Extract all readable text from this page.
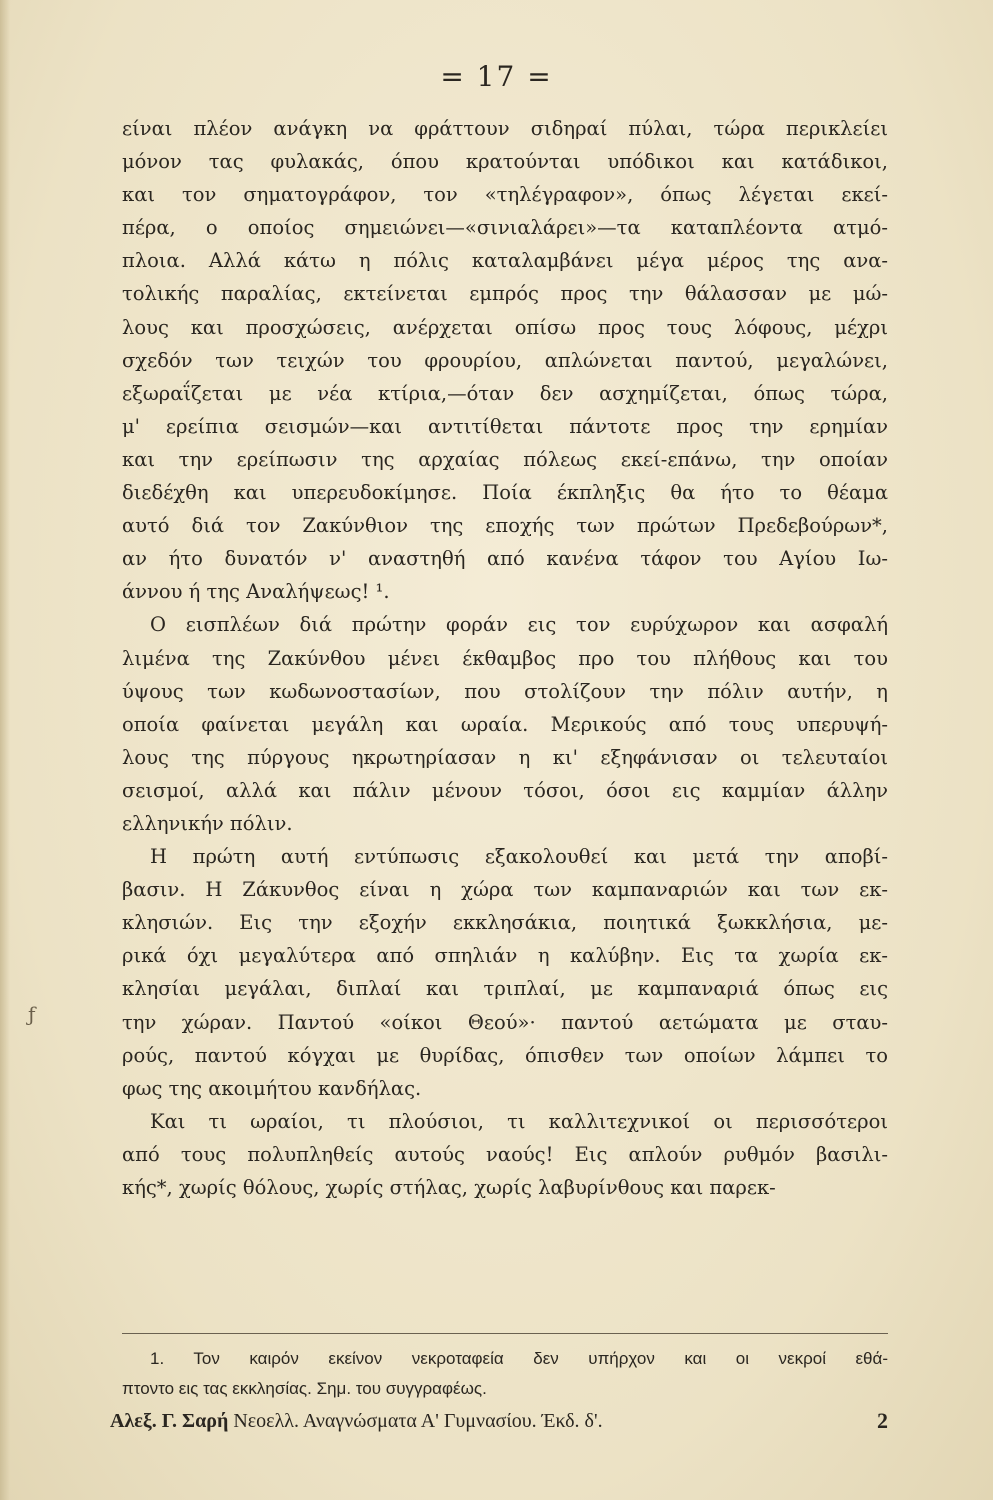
ƒ
= 17 =
είναι πλέον ανάγκη να φράττουν σιδηραί πύλαι, τώρα περικλείει
μόνον τας φυλακάς, όπου κρατούνται υπόδικοι και κατάδικοι,
και τον σηματογράφον, τον «τηλέγραφον», όπως λέγεται εκεί-
πέρα, ο οποίος σημειώνει—«σινιαλάρει»—τα καταπλέοντα ατμό-
πλοια. Αλλά κάτω η πόλις καταλαμβάνει μέγα μέρος της ανα-
τολικής παραλίας, εκτείνεται εμπρός προς την θάλασσαν με μώ-
λους και προσχώσεις, ανέρχεται οπίσω προς τους λόφους, μέχρι
σχεδόν των τειχών του φρουρίου, απλώνεται παντού, μεγαλώνει,
εξωραΐζεται με νέα κτίρια,—όταν δεν ασχημίζεται, όπως τώρα,
μ' ερείπια σεισμών—και αντιτίθεται πάντοτε προς την ερημίαν
και την ερείπωσιν της αρχαίας πόλεως εκεί-επάνω, την οποίαν
διεδέχθη και υπερευδοκίμησε. Ποία έκπληξις θα ήτο το θέαμα
αυτό διά τον Ζακύνθιον της εποχής των πρώτων Πρεδεβούρων*,
αν ήτο δυνατόν ν' αναστηθή από κανένα τάφον του Αγίου Ιω-
άννου ή της Αναλήψεως! ¹.
Ο εισπλέων διά πρώτην φοράν εις τον ευρύχωρον και ασφαλή
λιμένα της Ζακύνθου μένει έκθαμβος προ του πλήθους και του
ύψους των κωδωνοστασίων, που στολίζουν την πόλιν αυτήν, η
οποία φαίνεται μεγάλη και ωραία. Μερικούς από τους υπερυψή-
λους της πύργους ηκρωτηρίασαν η κι' εξηφάνισαν οι τελευταίοι
σεισμοί, αλλά και πάλιν μένουν τόσοι, όσοι εις καμμίαν άλλην
ελληνικήν πόλιν.
Η πρώτη αυτή εντύπωσις εξακολουθεί και μετά την αποβί-
βασιν. Η Ζάκυνθος είναι η χώρα των καμπαναριών και των εκ-
κλησιών. Εις την εξοχήν εκκλησάκια, ποιητικά ξωκκλήσια, με-
ρικά όχι μεγαλύτερα από σπηλιάν η καλύβην. Εις τα χωρία εκ-
κλησίαι μεγάλαι, διπλαί και τριπλαί, με καμπαναριά όπως εις
την χώραν. Παντού «οίκοι Θεού»· παντού αετώματα με σταυ-
ρούς, παντού κόγχαι με θυρίδας, όπισθεν των οποίων λάμπει το
φως της ακοιμήτου κανδήλας.
Και τι ωραίοι, τι πλούσιοι, τι καλλιτεχνικοί οι περισσότεροι
από τους πολυπληθείς αυτούς ναούς! Εις απλούν ρυθμόν βασιλι-
κής*, χωρίς θόλους, χωρίς στήλας, χωρίς λαβυρίνθους και παρεκ-
1. Τον καιρόν εκείνον νεκροταφεία δεν υπήρχον και οι νεκροί εθά-
πτοντο εις τας εκκλησίας. Σημ. του συγγραφέως.
Αλεξ. Γ. Σαρή Νεοελλ. Αναγνώσματα Α' Γυμνασίου. Έκδ. δ'.	2
